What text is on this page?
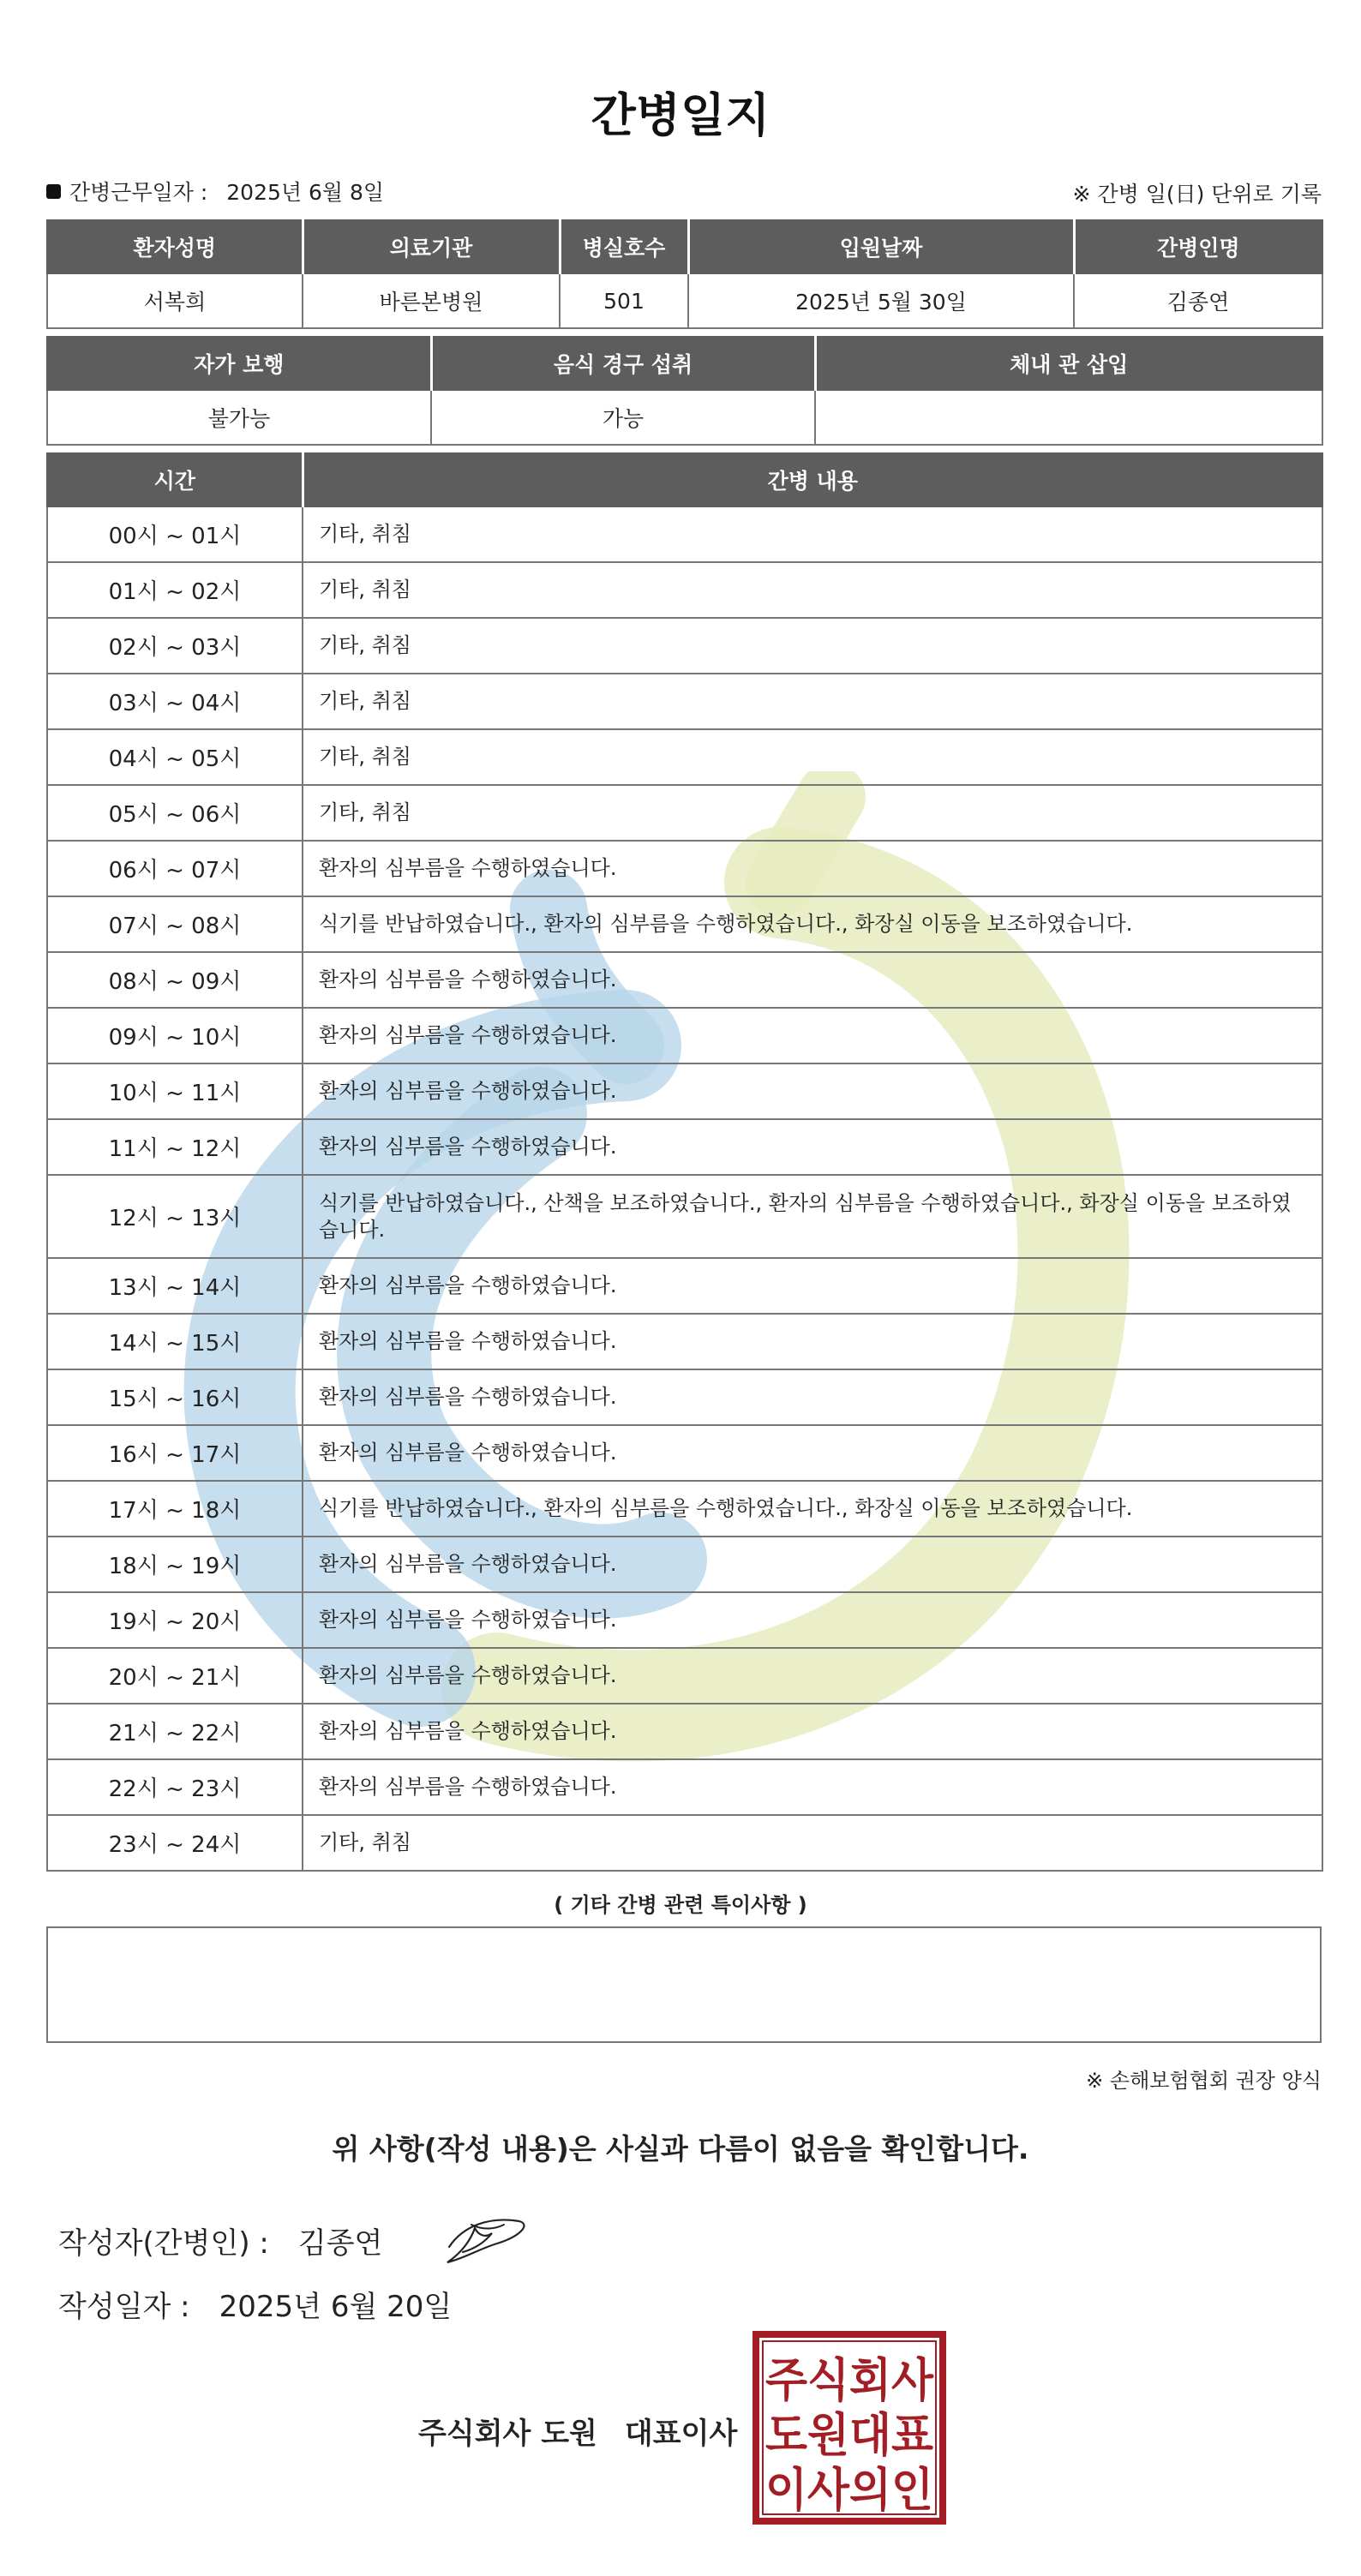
간병일지
간병근무일자 : 2025년 6월 8일	※ 간병 일(日) 단위로 기록
환자성명	의료기관	병실호수	입원날짜	간병인명
서복희	바른본병원	501	2025년 5월 30일	김종연
자가 보행	음식 경구 섭취	체내 관 삽입
불가능	가능	
시간	간병 내용
00시 ~ 01시	기타, 취침
01시 ~ 02시	기타, 취침
02시 ~ 03시	기타, 취침
03시 ~ 04시	기타, 취침
04시 ~ 05시	기타, 취침
05시 ~ 06시	기타, 취침
06시 ~ 07시	환자의 심부름을 수행하였습니다.
07시 ~ 08시	식기를 반납하였습니다., 환자의 심부름을 수행하였습니다., 화장실 이동을 보조하였습니다.
08시 ~ 09시	환자의 심부름을 수행하였습니다.
09시 ~ 10시	환자의 심부름을 수행하였습니다.
10시 ~ 11시	환자의 심부름을 수행하였습니다.
11시 ~ 12시	환자의 심부름을 수행하였습니다.
12시 ~ 13시	식기를 반납하였습니다., 산책을 보조하였습니다., 환자의 심부름을 수행하였습니다., 화장실 이동을 보조하였습니다.
13시 ~ 14시	환자의 심부름을 수행하였습니다.
14시 ~ 15시	환자의 심부름을 수행하였습니다.
15시 ~ 16시	환자의 심부름을 수행하였습니다.
16시 ~ 17시	환자의 심부름을 수행하였습니다.
17시 ~ 18시	식기를 반납하였습니다., 환자의 심부름을 수행하였습니다., 화장실 이동을 보조하였습니다.
18시 ~ 19시	환자의 심부름을 수행하였습니다.
19시 ~ 20시	환자의 심부름을 수행하였습니다.
20시 ~ 21시	환자의 심부름을 수행하였습니다.
21시 ~ 22시	환자의 심부름을 수행하였습니다.
22시 ~ 23시	환자의 심부름을 수행하였습니다.
23시 ~ 24시	기타, 취침
( 기타 간병 관련 특이사항 )
※ 손해보험협회 권장 양식
위 사항(작성 내용)은 사실과 다름이 없음을 확인합니다.
작성자(간병인) : 김종연
작성일자 : 2025년 6월 20일
주식회사 도원 대표이사
주식회사
도원대표
이사의인
